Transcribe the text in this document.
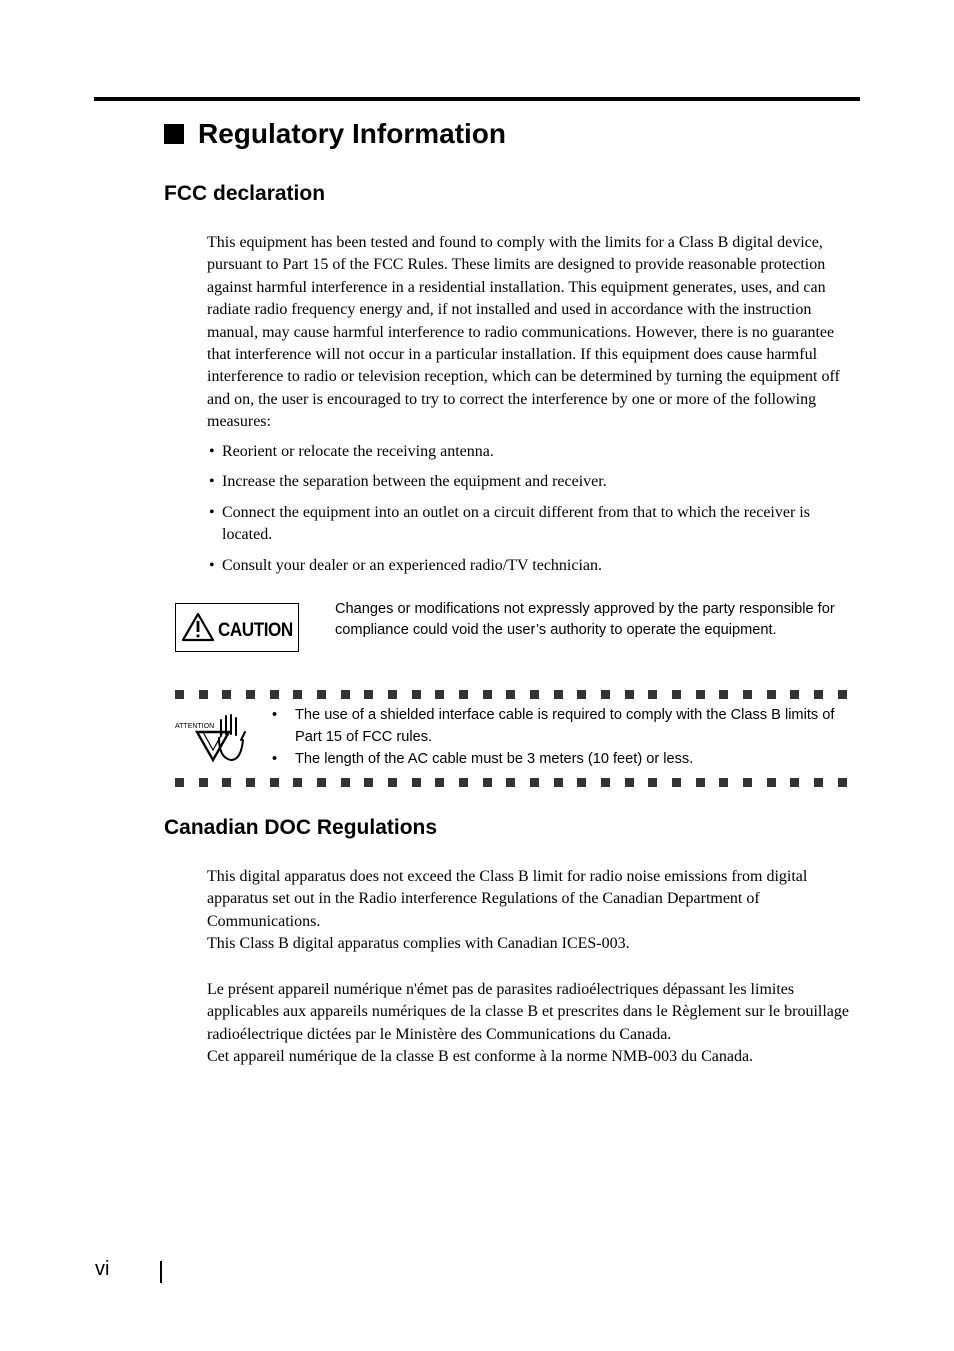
Regulatory Information
FCC declaration

This equipment has been tested and found to comply with the limits for a Class B digital device, pursuant to Part 15 of the FCC Rules. These limits are designed to provide reasonable protection against harmful interference in a residential installation. This equipment generates, uses, and can radiate radio frequency energy and, if not installed and used in accordance with the instruction manual, may cause harmful interference to radio communications. However, there is no guarantee that interference will not occur in a particular installation. If this equipment does cause harmful interference to radio or television reception, which can be determined by turning the equipment off and on, the user is encouraged to try to correct the interference by one or more of the following measures:

• Reorient or relocate the receiving antenna.
• Increase the separation between the equipment and receiver.
• Connect the equipment into an outlet on a circuit different from that to which the receiver is located.
• Consult your dealer or an experienced radio/TV technician.
CAUTION
Changes or modifications not expressly approved by the party responsible for compliance could void the user’s authority to operate the equipment.
ATTENTION
• The use of a shielded interface cable is required to comply with the Class B limits of Part 15 of FCC rules.
• The length of the AC cable must be 3 meters (10 feet) or less.
Canadian DOC Regulations

This digital apparatus does not exceed the Class B limit for radio noise emissions from digital apparatus set out in the Radio interference Regulations of the Canadian Department of Communications.

This Class B digital apparatus complies with Canadian ICES-003.

Le présent appareil numérique n'émet pas de parasites radioélectriques dépassant les limites applicables aux appareils numériques de la classe B et prescrites dans le Règlement sur le brouillage radioélectrique dictées par le Ministère des Communications du Canada.

Cet appareil numérique de la classe B est conforme à la norme NMB-003 du Canada.

vi
